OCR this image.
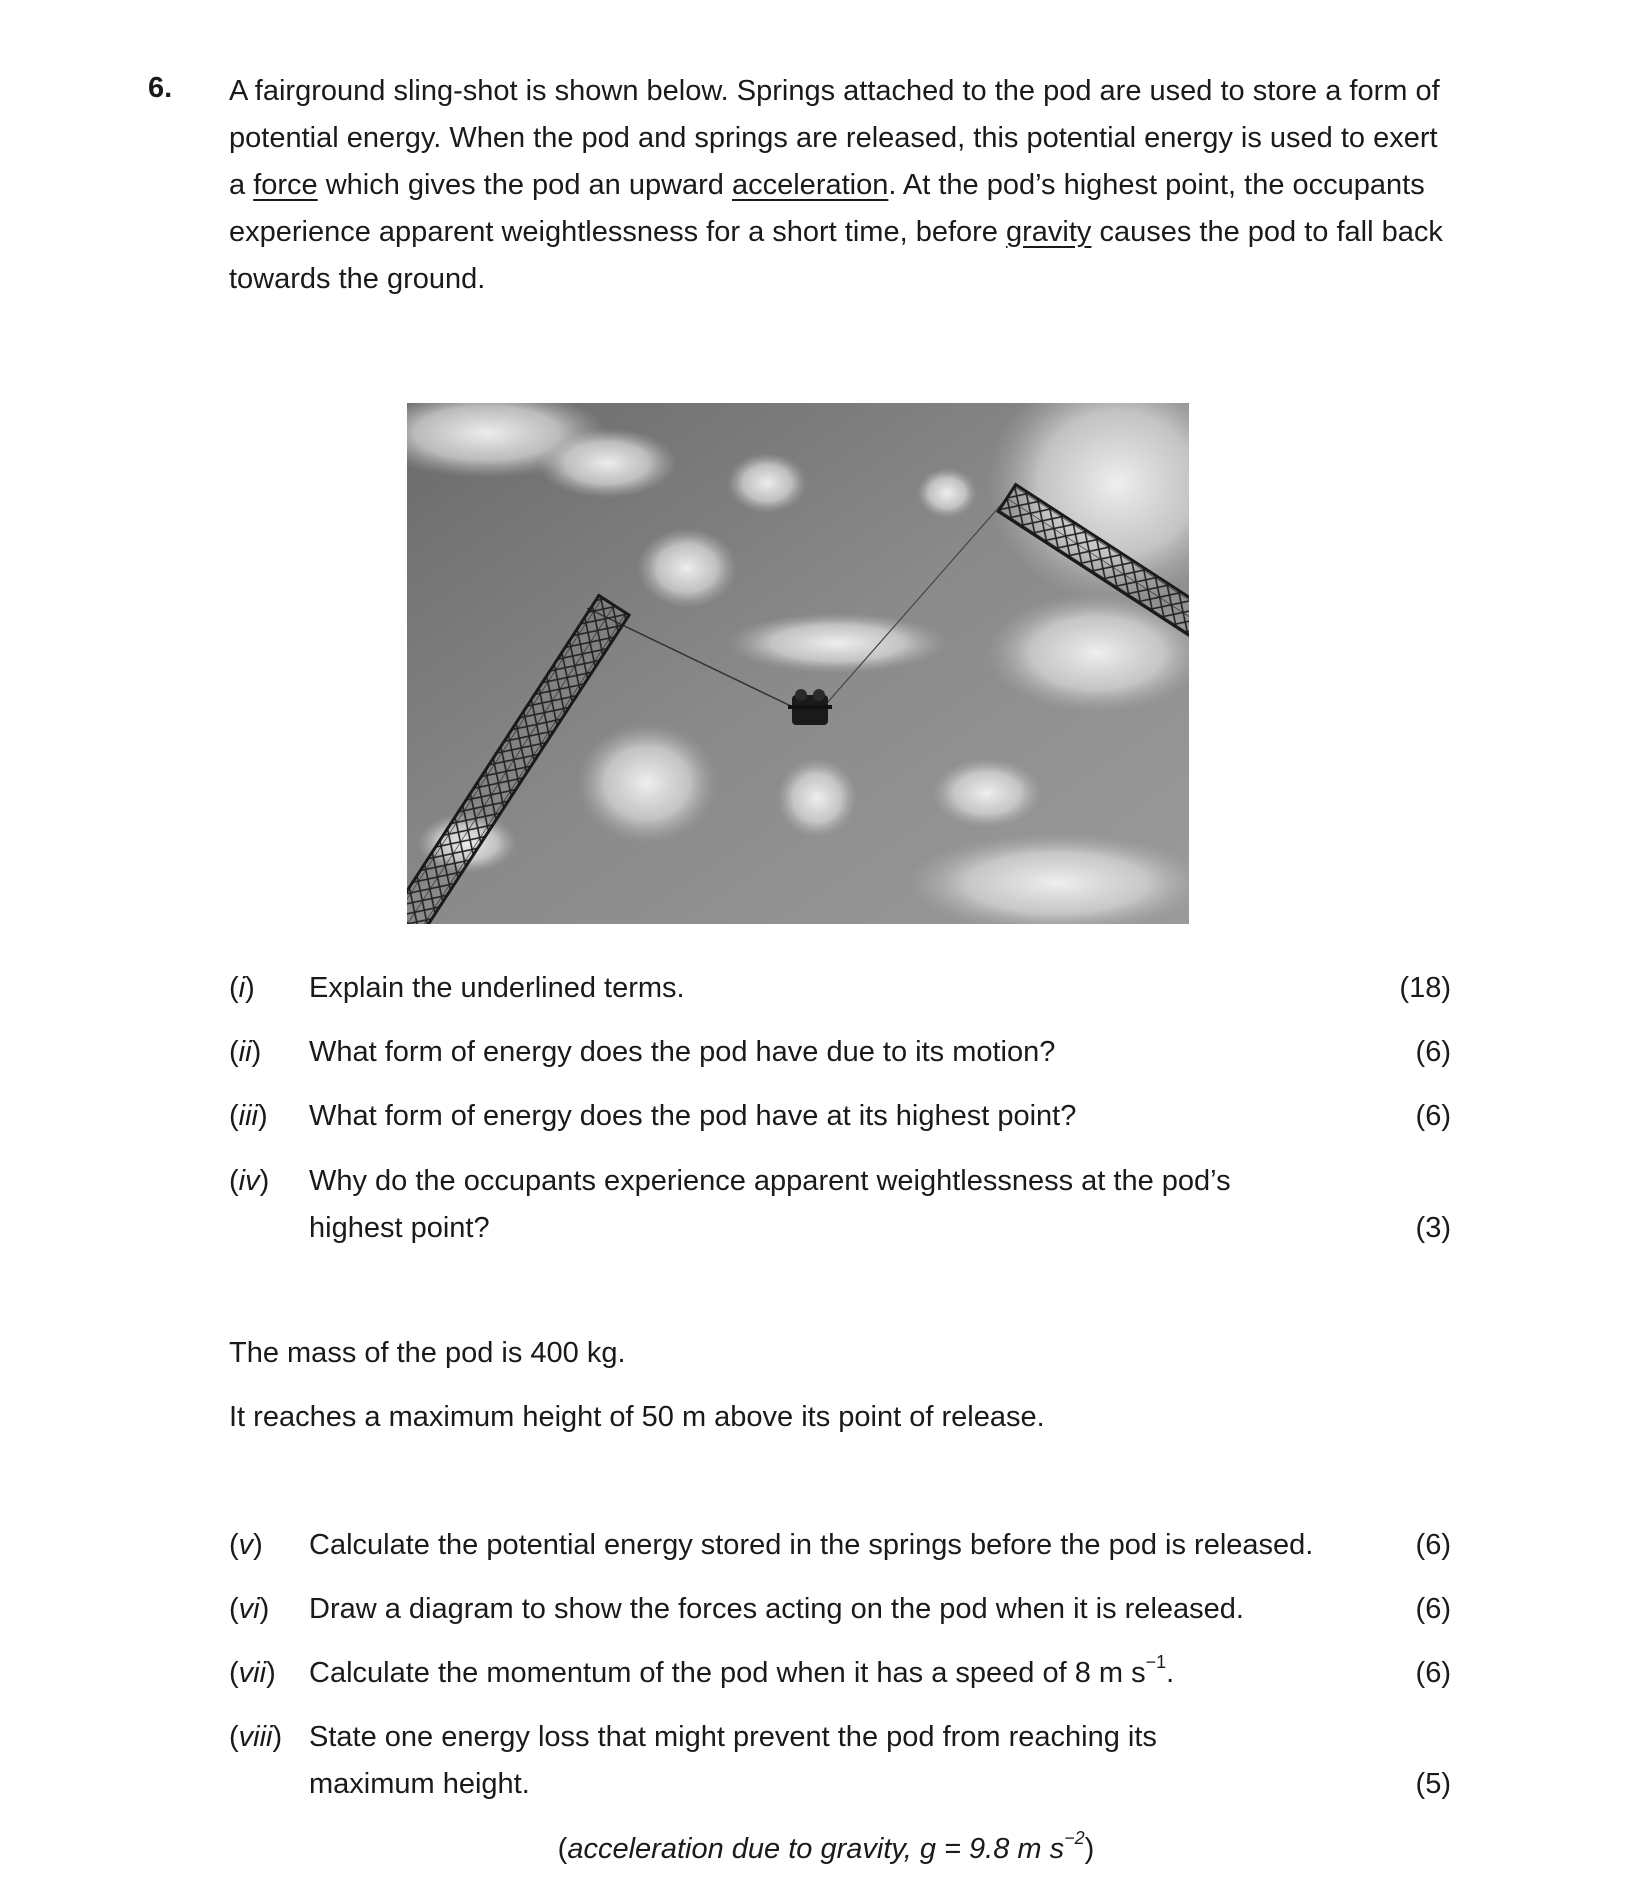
6. A fairground sling-shot is shown below. Springs attached to the pod are used to store a form of potential energy. When the pod and springs are released, this potential energy is used to exert a force which gives the pod an upward acceleration. At the pod’s highest point, the occupants experience apparent weightlessness for a short time, before gravity causes the pod to fall back towards the ground.
(i) Explain the underlined terms.	(18)
(ii) What form of energy does the pod have due to its motion?	(6)
(iii) What form of energy does the pod have at its highest point?	(6)
(iv) Why do the occupants experience apparent weightlessness at the pod’s highest point?	(3)
The mass of the pod is 400 kg.
It reaches a maximum height of 50 m above its point of release.
(v) Calculate the potential energy stored in the springs before the pod is released.	(6)
(vi) Draw a diagram to show the forces acting on the pod when it is released.	(6)
(vii) Calculate the momentum of the pod when it has a speed of 8 m $s^{-1}$.	(6)
(viii) State one energy loss that might prevent the pod from reaching its maximum height.	(5)
(acceleration due to gravity, g = 9.8 m $s^{-2}$)
